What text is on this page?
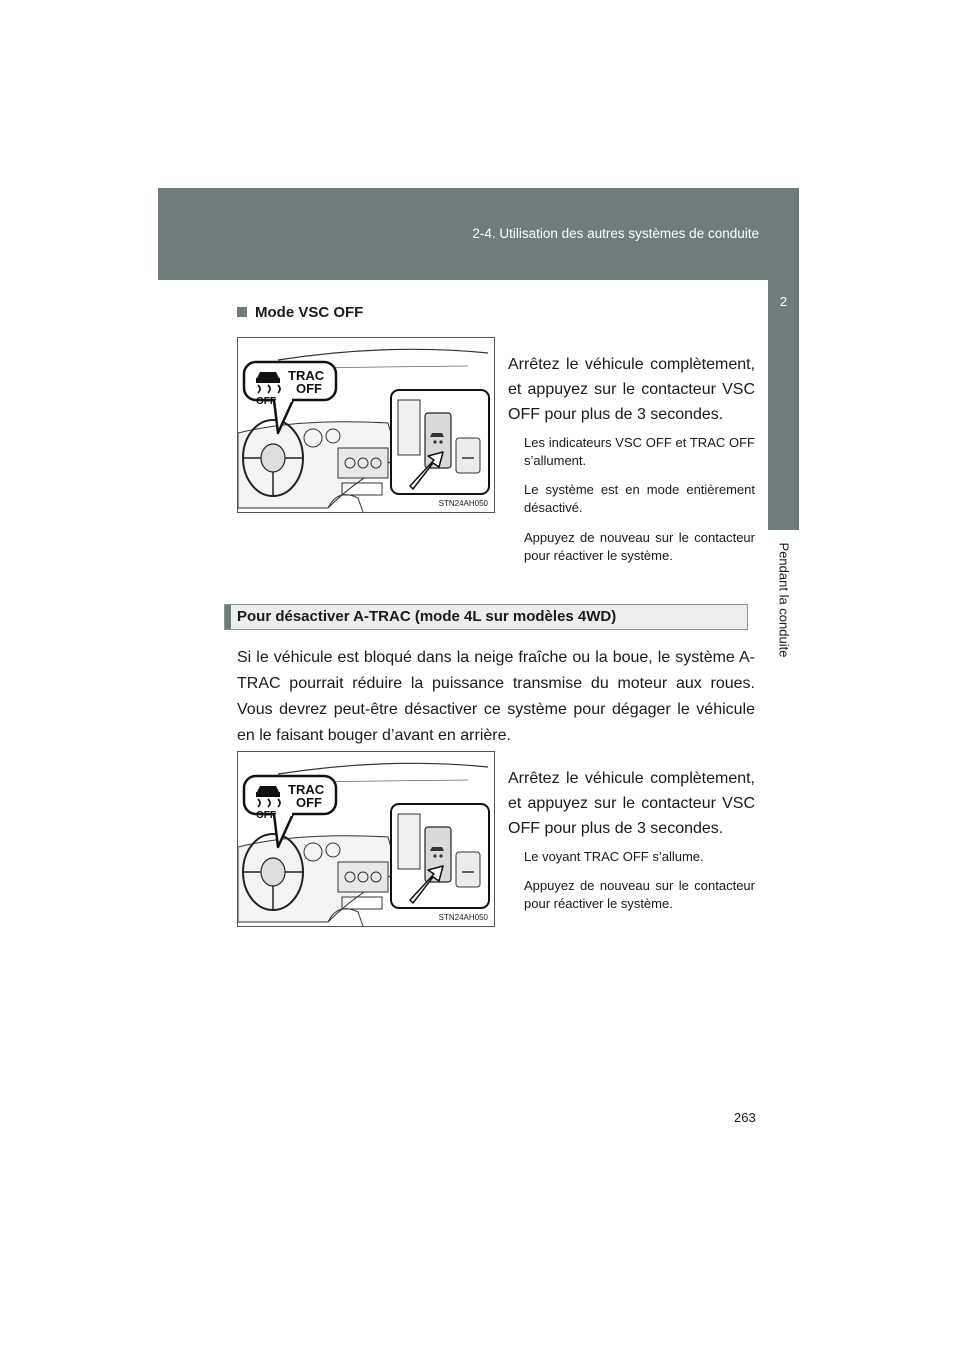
2-4. Utilisation des autres systèmes de conduite
2
Pendant la conduite
Mode VSC OFF
OFF
TRAC
OFF
STN24AH050
Arrêtez le véhicule complètement, et appuyez sur le contacteur VSC OFF pour plus de 3 secondes.
Les indicateurs VSC OFF et TRAC OFF s’allument.
Le système est en mode entièrement désactivé.
Appuyez de nouveau sur le contacteur pour réactiver le système.
Pour désactiver A-TRAC (mode 4L sur modèles 4WD)
Si le véhicule est bloqué dans la neige fraîche ou la boue, le système A-TRAC pourrait réduire la puissance transmise du moteur aux roues. Vous devrez peut-être désactiver ce système pour dégager le véhicule en le faisant bouger d’avant en arrière.
OFF
TRAC
OFF
STN24AH050
Arrêtez le véhicule complètement, et appuyez sur le contacteur VSC OFF pour plus de 3 secondes.
Le voyant TRAC OFF s’allume.
Appuyez de nouveau sur le contacteur pour réactiver le système.
263
